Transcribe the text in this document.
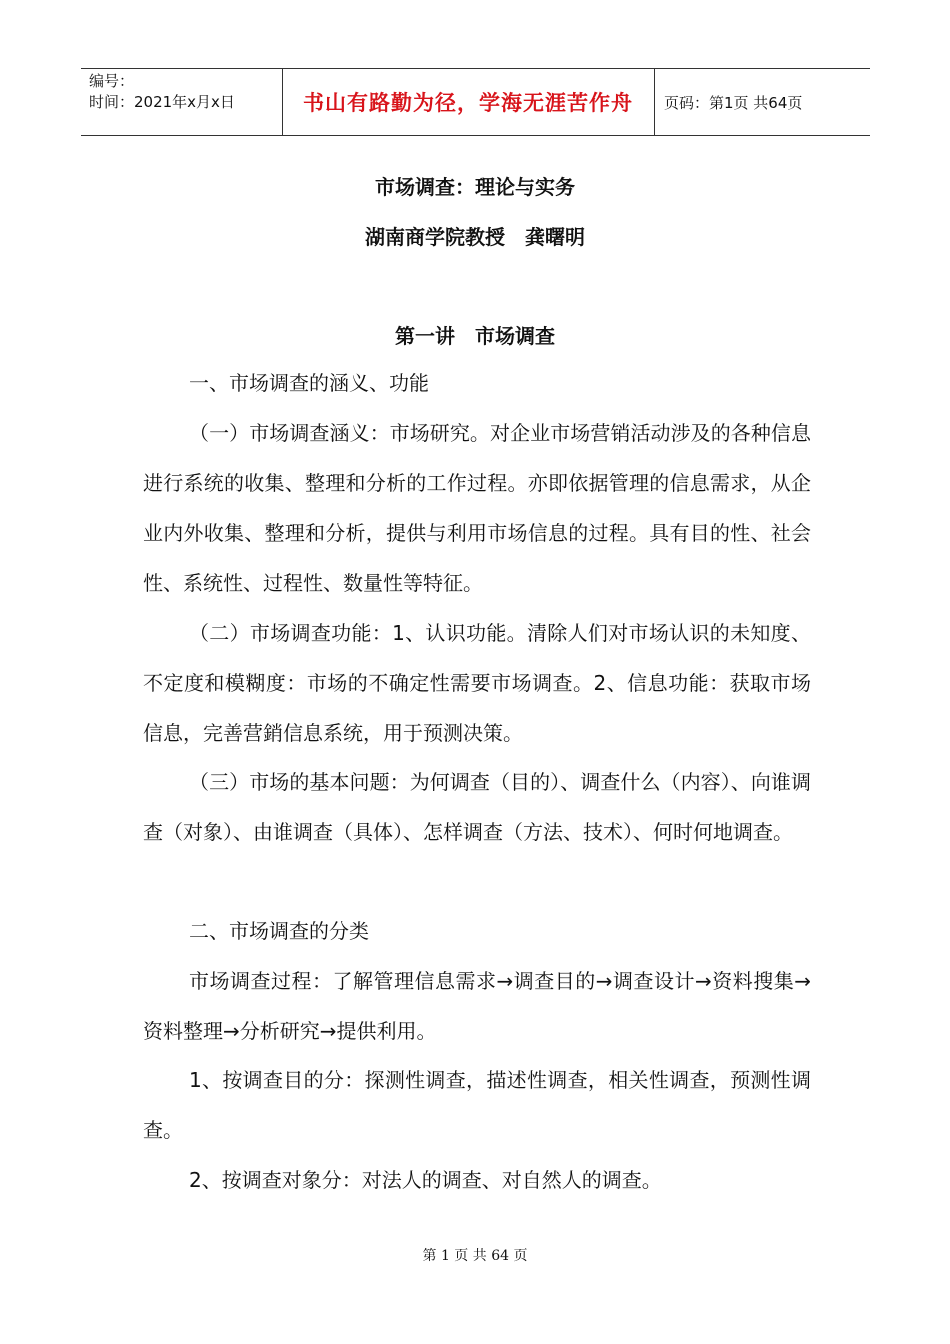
编号：
时间：2021年x月x日	书山有路勤为径，学海无涯苦作舟	页码：第1页 共64页
市场调查：理论与实务
湖南商学院教授　龚曙明
第一讲　市场调查

一、市场调查的涵义、功能

（一）市场调查涵义：市场研究。对企业市场营销活动涉及的各种信息进行系统的收集、整理和分析的工作过程。亦即依据管理的信息需求，从企业内外收集、整理和分析，提供与利用市场信息的过程。具有目的性、社会性、系统性、过程性、数量性等特征。

（二）市场调查功能：1、认识功能。清除人们对市场认识的未知度、不定度和模糊度：市场的不确定性需要市场调查。2、信息功能：获取市场信息，完善营銷信息系统，用于预测决策。

（三）市场的基本问题：为何调查（目的）、调查什么（内容）、向谁调查（对象）、由谁调查（具体）、怎样调查（方法、技术）、何时何地调查。

二、市场调查的分类

市场调查过程：了解管理信息需求→调查目的→调查设计→资料搜集→资料整理→分析研究→提供利用。

1、按调查目的分：探测性调查，描述性调查，相关性调查，预测性调查。

2、按调查对象分：对法人的调查、对自然人的调查。

第 1 页 共 64 页
